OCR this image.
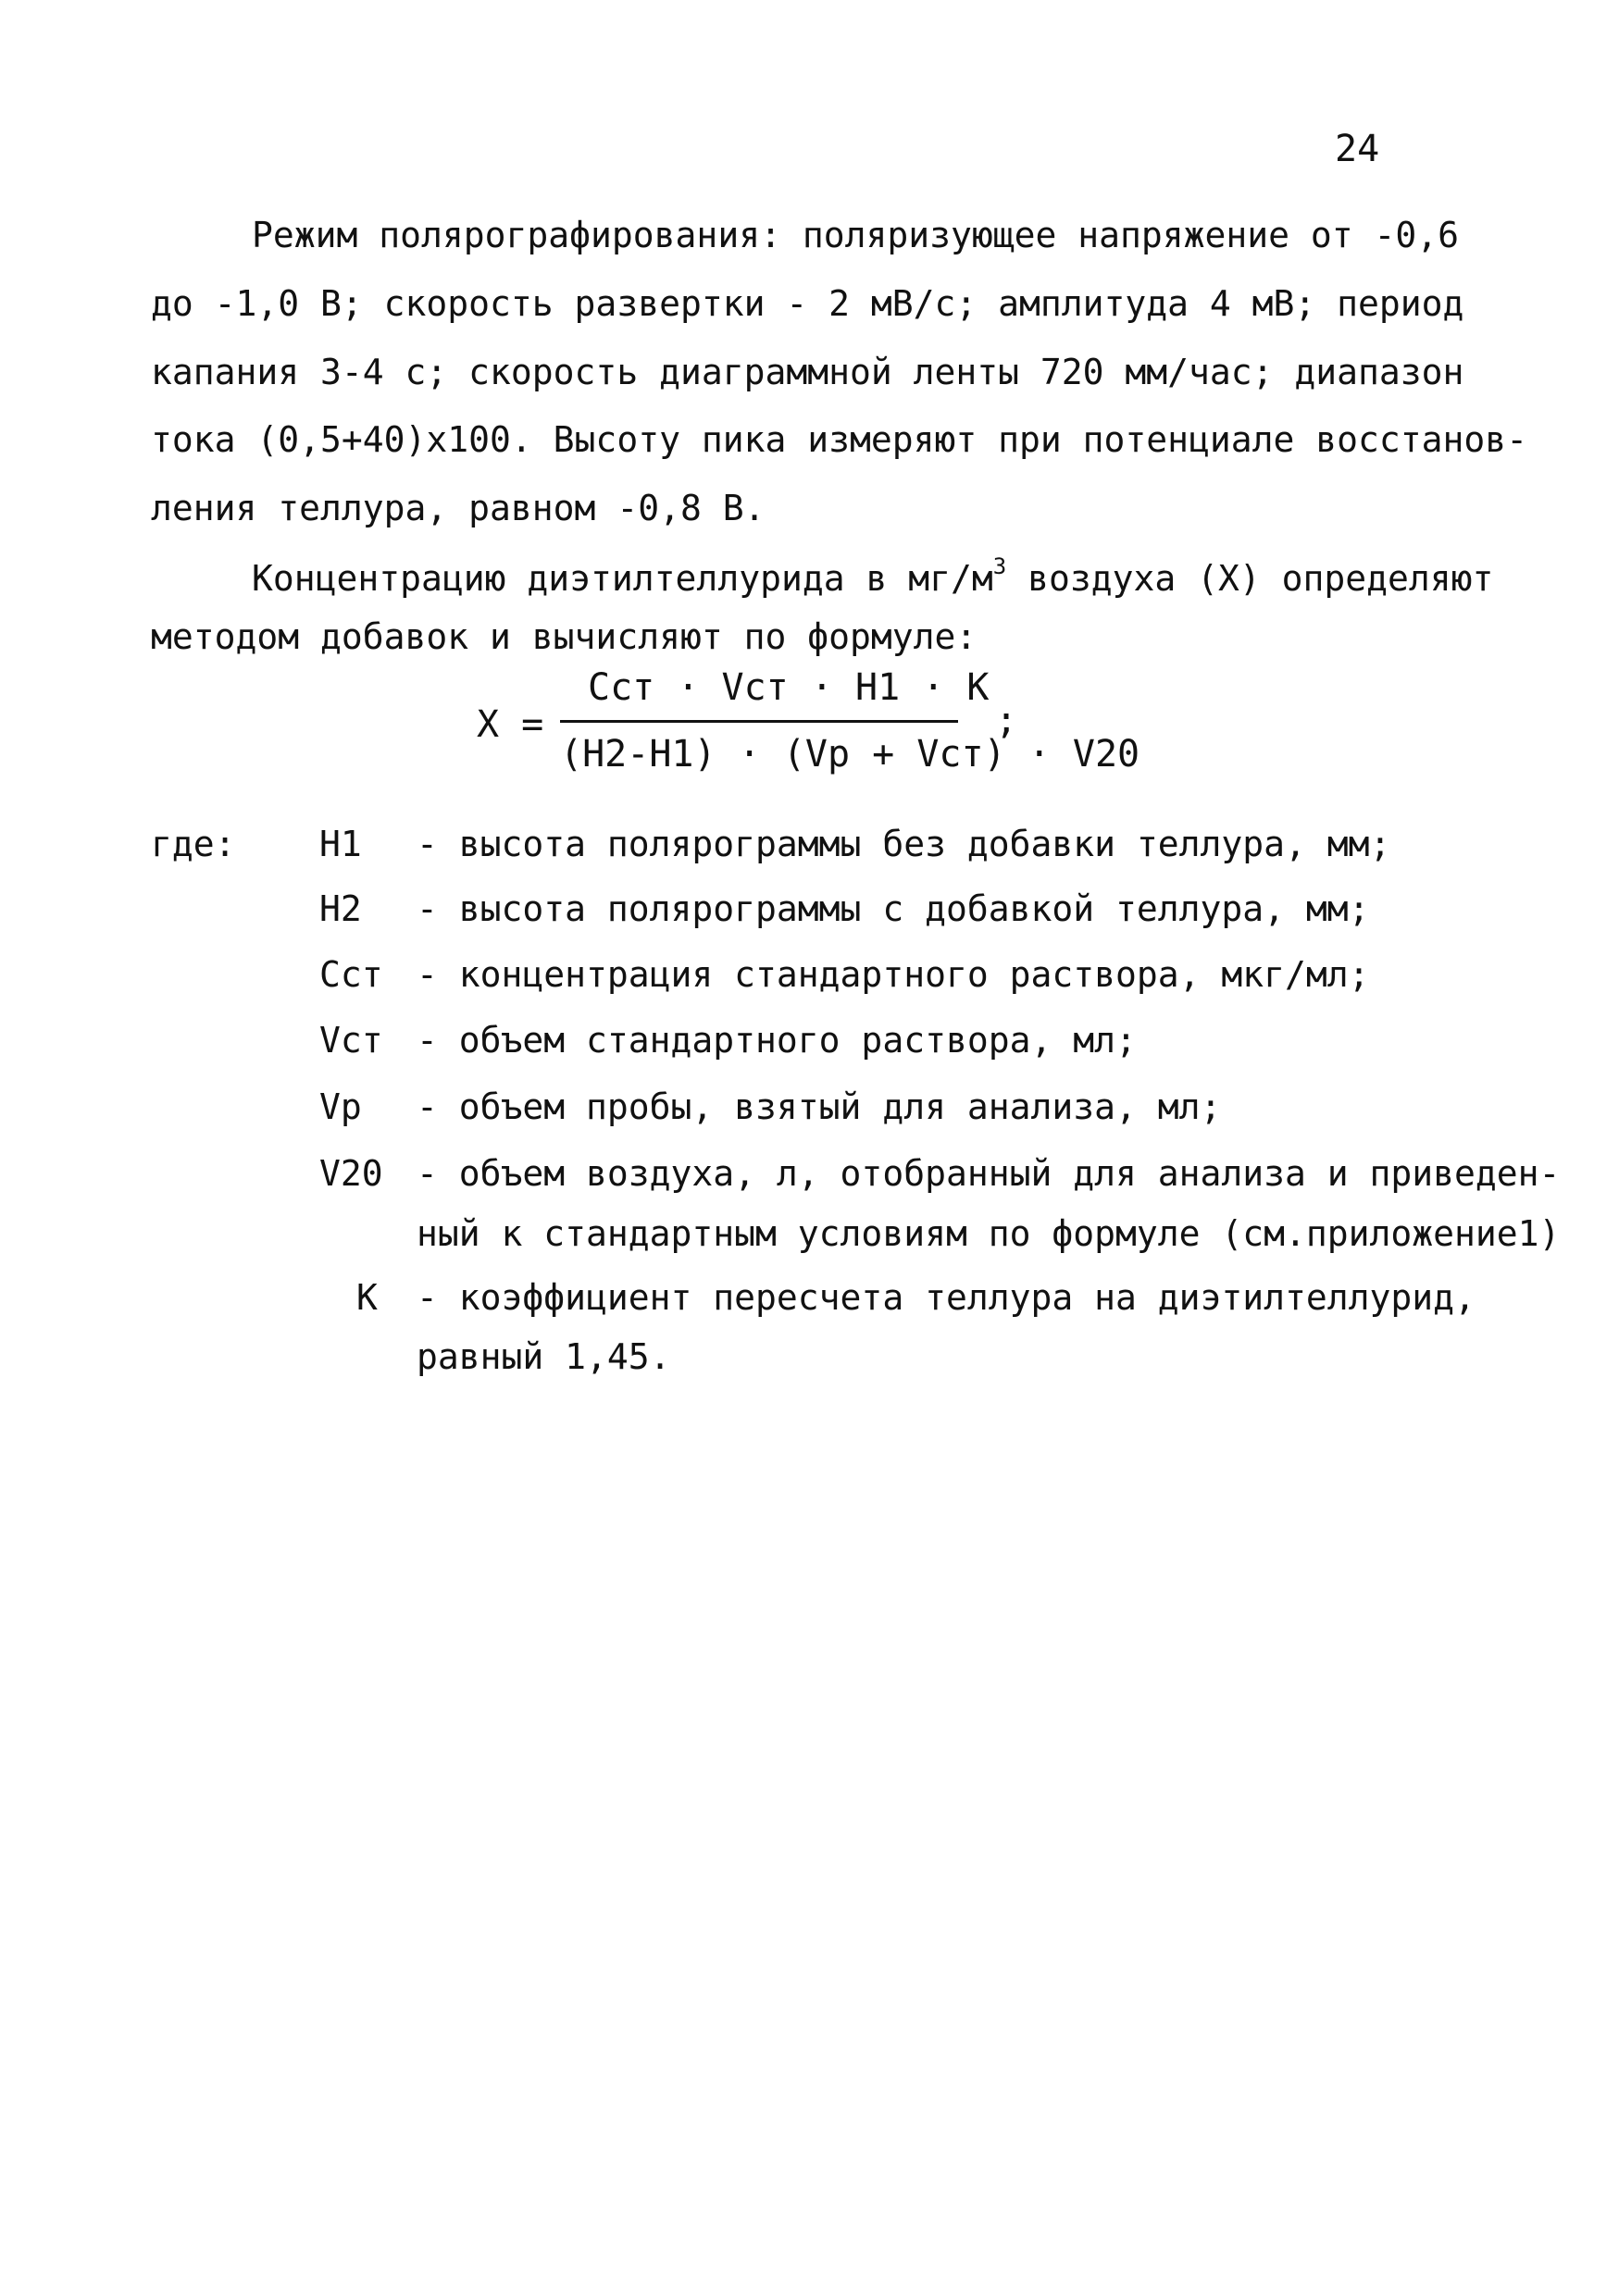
24
Режим полярографирования: поляризующее напряжение от -0,6
до -1,0 В; скорость развертки - 2 мВ/с; амплитуда 4 мВ; период
капания 3-4 с; скорость диаграммной ленты 720 мм/час; диапазон
тока (0,5+40)x100. Высоту пика измеряют при потенциале восстанов-
ления теллура, равном -0,8 В.
Концентрацию диэтилтеллурида в $мг/м^3$ воздуха (X) определяют
методом добавок и вычисляют по формуле:
X =
Сст · Vст · H1 · K
(H2-H1) · (Vр + Vст) · V20
;
где: H1 - высота полярограммы без добавки теллура, мм;
H2 - высота полярограммы с добавкой теллура, мм;
Сст - концентрация стандартного раствора, мкг/мл;
Vст - объем стандартного раствора, мл;
Vр - объем пробы, взятый для анализа, мл;
V20 - объем воздуха, л, отобранный для анализа и приведен-
ный к стандартным условиям по формуле (см.приложение1)
K - коэффициент пересчета теллура на диэтилтеллурид,
равный 1,45.
